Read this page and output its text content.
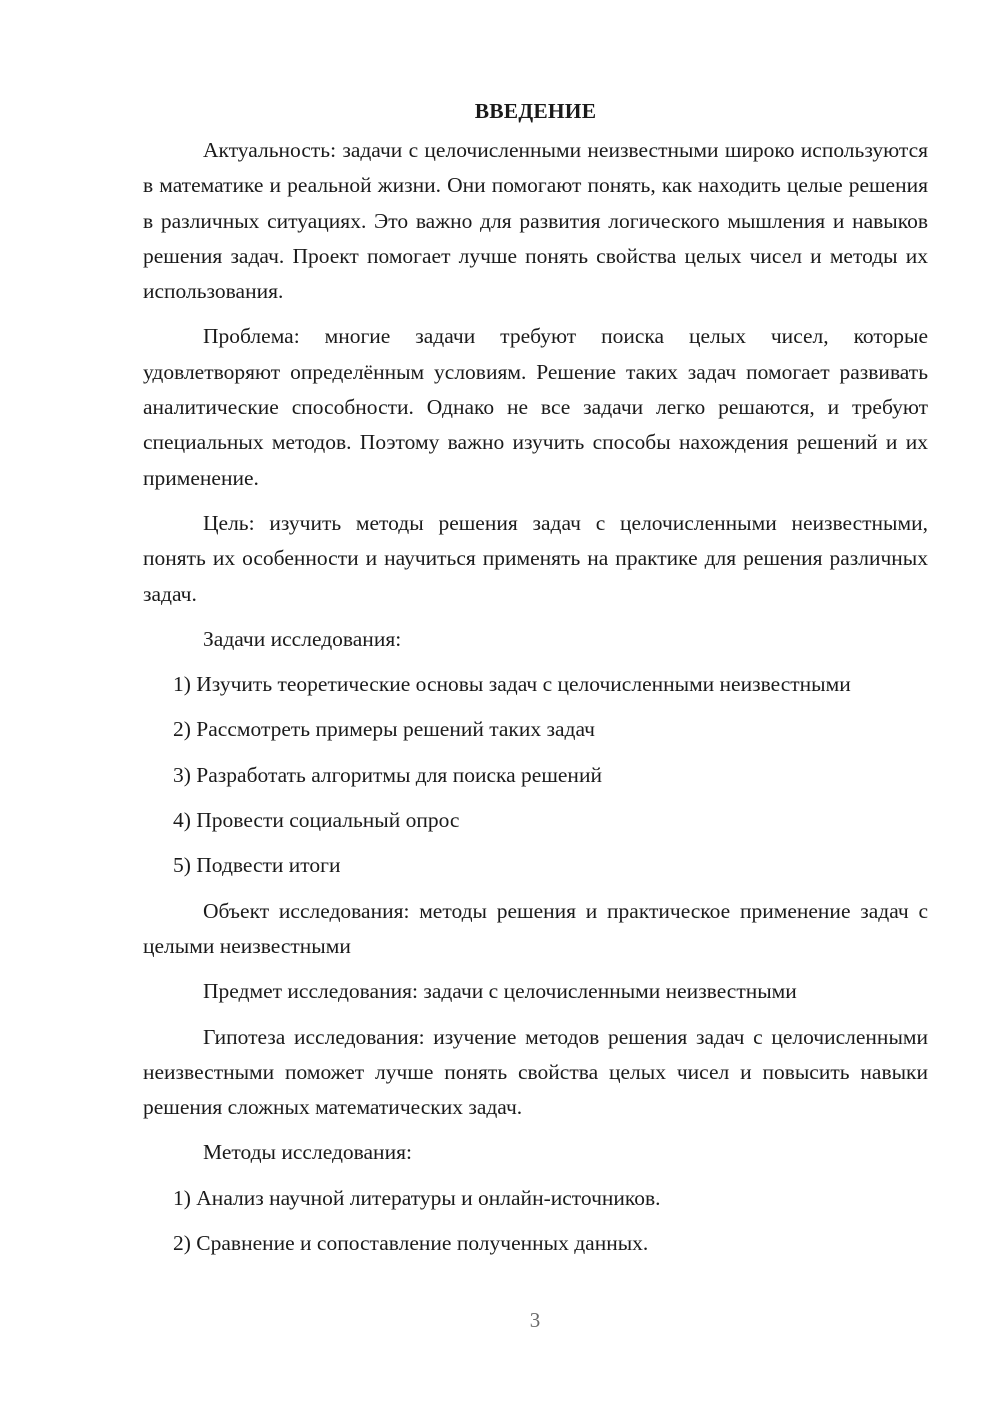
ВВЕДЕНИЕ

Актуальность: задачи с целочисленными неизвестными широко используются в математике и реальной жизни. Они помогают понять, как находить целые решения в различных ситуациях. Это важно для развития логического мышления и навыков решения задач. Проект помогает лучше понять свойства целых чисел и методы их использования.

Проблема: многие задачи требуют поиска целых чисел, которые удовлетворяют определённым условиям. Решение таких задач помогает развивать аналитические способности. Однако не все задачи легко решаются, и требуют специальных методов. Поэтому важно изучить способы нахождения решений и их применение.

Цель: изучить методы решения задач с целочисленными неизвестными, понять их особенности и научиться применять на практике для решения различных задач.

Задачи исследования:

1) Изучить теоретические основы задач с целочисленными неизвестными

2) Рассмотреть примеры решений таких задач

3) Разработать алгоритмы для поиска решений

4) Провести социальный опрос

5) Подвести итоги

Объект исследования: методы решения и практическое применение задач с целыми неизвестными

Предмет исследования: задачи с целочисленными неизвестными

Гипотеза исследования: изучение методов решения задач с целочисленными неизвестными поможет лучше понять свойства целых чисел и повысить навыки решения сложных математических задач.

Методы исследования:

1) Анализ научной литературы и онлайн-источников.

2) Сравнение и сопоставление полученных данных.

3
